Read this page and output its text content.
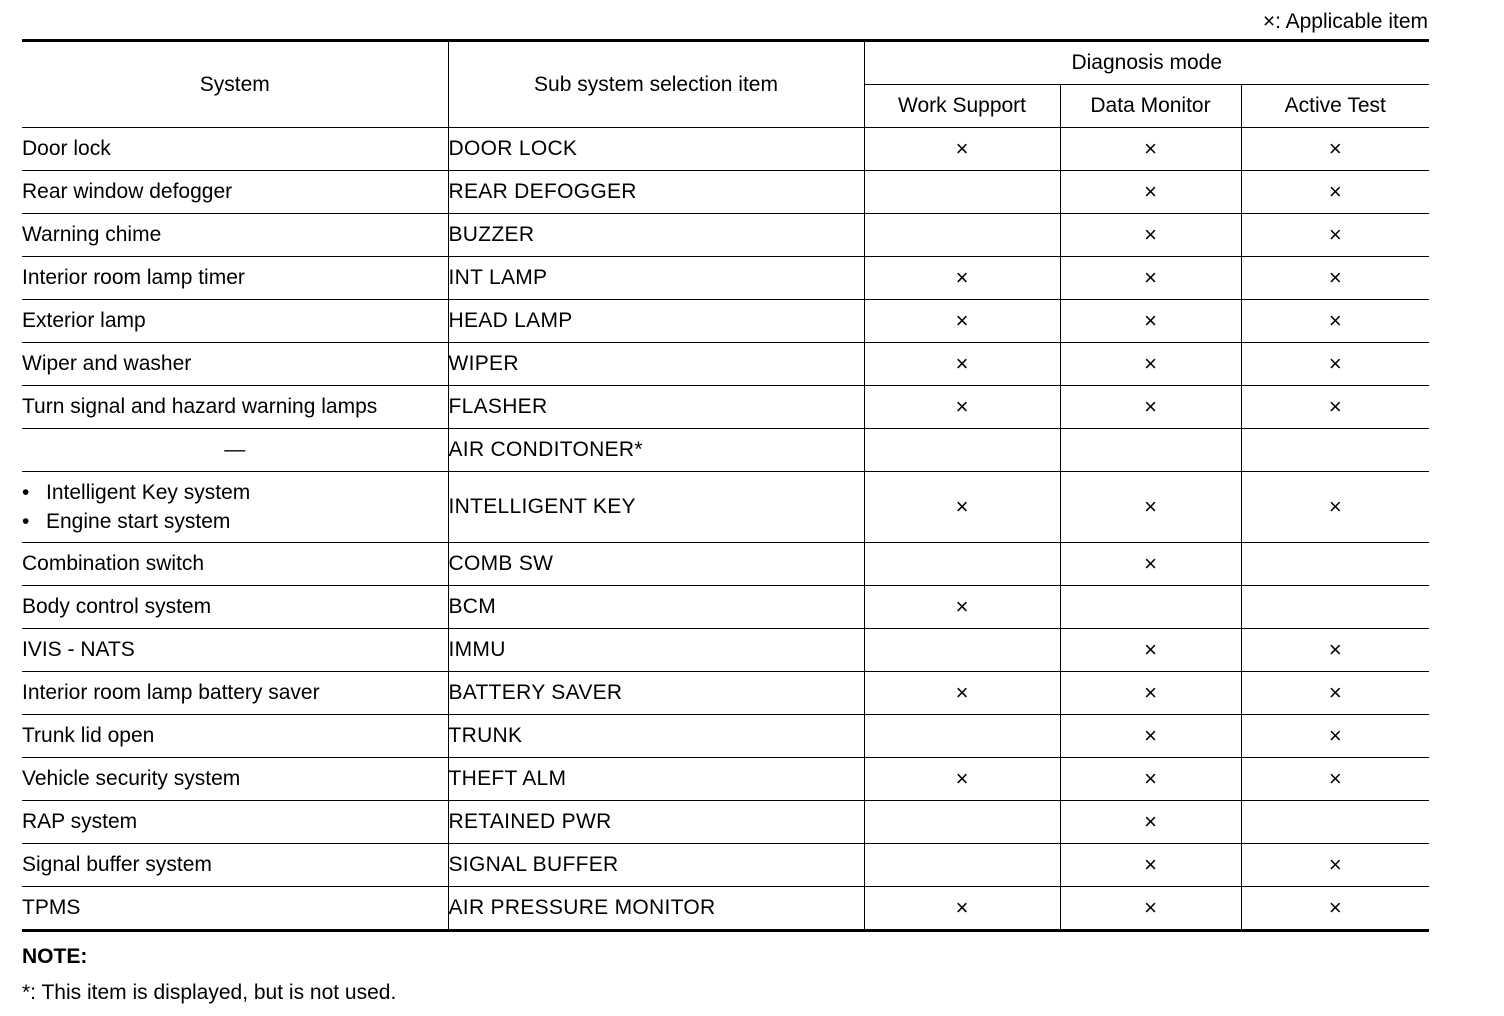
×: Applicable item
System	Sub system selection item	Diagnosis mode		
		Work Support	Data Monitor	Active Test
Door lock	DOOR LOCK	×	×	×
Rear window defogger	REAR DEFOGGER		×	×
Warning chime	BUZZER		×	×
Interior room lamp timer	INT LAMP	×	×	×
Exterior lamp	HEAD LAMP	×	×	×
Wiper and washer	WIPER	×	×	×
Turn signal and hazard warning lamps	FLASHER	×	×	×
—	AIR CONDITONER*			

• Intelligent Key system
• Engine start system	INTELLIGENT KEY	×	×	×
Combination switch	COMB SW		×	
Body control system	BCM	×		
IVIS - NATS	IMMU		×	×
Interior room lamp battery saver	BATTERY SAVER	×	×	×
Trunk lid open	TRUNK		×	×
Vehicle security system	THEFT ALM	×	×	×
RAP system	RETAINED PWR		×	
Signal buffer system	SIGNAL BUFFER		×	×
TPMS	AIR PRESSURE MONITOR	×	×	×
NOTE:
*: This item is displayed, but is not used.
